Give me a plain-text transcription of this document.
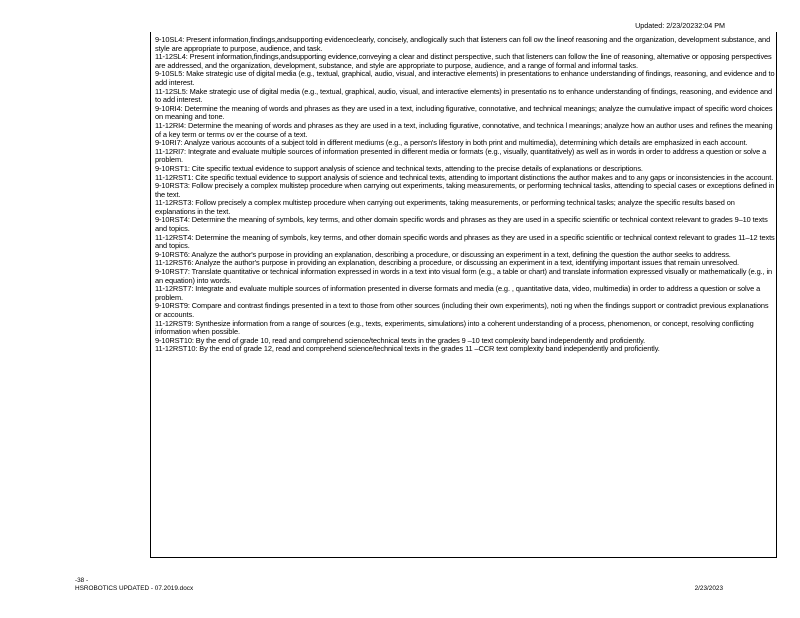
Updated: 2/23/20232:04 PM
9-10SL4: Present information,findings,andsupporting evidenceclearly, concisely, andlogically such that listeners can foll ow the lineof reasoning and the organization, development substance, and style are appropriate to purpose, audience, and task.
11-12SL4: Present information,findings,andsupporting evidence,conveying a clear and distinct perspective, such that listeners can follow the line of reasoning, alternative or opposing perspectives are addressed, and the organization, development, substance, and style are appropriate to purpose, audience, and a range of formal and informal tasks.
9-10SL5: Make strategic use of digital media (e.g., textual, graphical, audio, visual, and interactive elements) in presentations to enhance understanding of findings, reasoning, and evidence and to add interest.
11-12SL5: Make strategic use of digital media (e.g., textual, graphical, audio, visual, and interactive elements) in presentatio ns to enhance understanding of findings, reasoning, and evidence and to add interest.
9-10RI4: Determine the meaning of words and phrases as they are used in a text, including figurative, connotative, and technical meanings; analyze the cumulative impact of specific word choices on meaning and tone.
11-12RI4: Determine the meaning of words and phrases as they are used in a text, including figurative, connotative, and technica l meanings; analyze how an author uses and refines the meaning of a key term or terms ov er the course of a text.
9-10RI7: Analyze various accounts of a subject told in different mediums (e.g., a person's lifestory in both print and multimedia), determining which details are emphasized in each account.
11-12RI7: Integrate and evaluate multiple sources of information presented in different media or formats (e.g., visually, quantitatively) as well as in words in order to address a question or solve a problem.
9-10RST1: Cite specific textual evidence to support analysis of science and technical texts, attending to the precise details of explanations or descriptions.
11-12RST1: Cite specific textual evidence to support analysis of science and technical texts, attending to important distinctions the author makes and to any gaps or inconsistencies in the account.
9-10RST3: Follow precisely a complex multistep procedure when carrying out experiments, taking measurements, or performing technical tasks, attending to special cases or exceptions defined in the text.
11-12RST3: Follow precisely a complex multistep procedure when carrying out experiments, taking measurements, or performing technical tasks; analyze the specific results based on explanations in the text.
9-10RST4: Determine the meaning of symbols, key terms, and other domain specific words and phrases as they are used in a specific scientific or technical context relevant to grades 9–10 texts and topics.
11-12RST4: Determine the meaning of symbols, key terms, and other domain specific words and phrases as they are used in a specific scientific or technical context relevant to grades 11–12 texts and topics.
9-10RST6: Analyze the author's purpose in providing an explanation, describing a procedure, or discussing an experiment in a text, defining the question the author seeks to address.
11-12RST6: Analyze the author's purpose in providing an explanation, describing a procedure, or discussing an experiment in a text, identifying important issues that remain unresolved.
9-10RST7: Translate quantitative or technical information expressed in words in a text into visual form (e.g., a table or chart) and translate information expressed visually or mathematically (e.g., in an equation) into words.
11-12RST7: Integrate and evaluate multiple sources of information presented in diverse formats and media (e.g. , quantitative data, video, multimedia) in order to address a question or solve a problem.
9-10RST9: Compare and contrast findings presented in a text to those from other sources (including their own experiments), noti ng when the findings support or contradict previous explanations or accounts.
11-12RST9: Synthesize information from a range of sources (e.g., texts, experiments, simulations) into a coherent understanding of a process, phenomenon, or concept, resolving conflicting information when possible.
9-10RST10: By the end of grade 10, read and comprehend science/technical texts in the grades 9 –10 text complexity band independently and proficiently.
11-12RST10: By the end of grade 12, read and comprehend science/technical texts in the grades 11 –CCR text complexity band independently and proficiently.
-38 -
HSROBOTICS UPDATED - 07.2019.docx	2/23/2023
